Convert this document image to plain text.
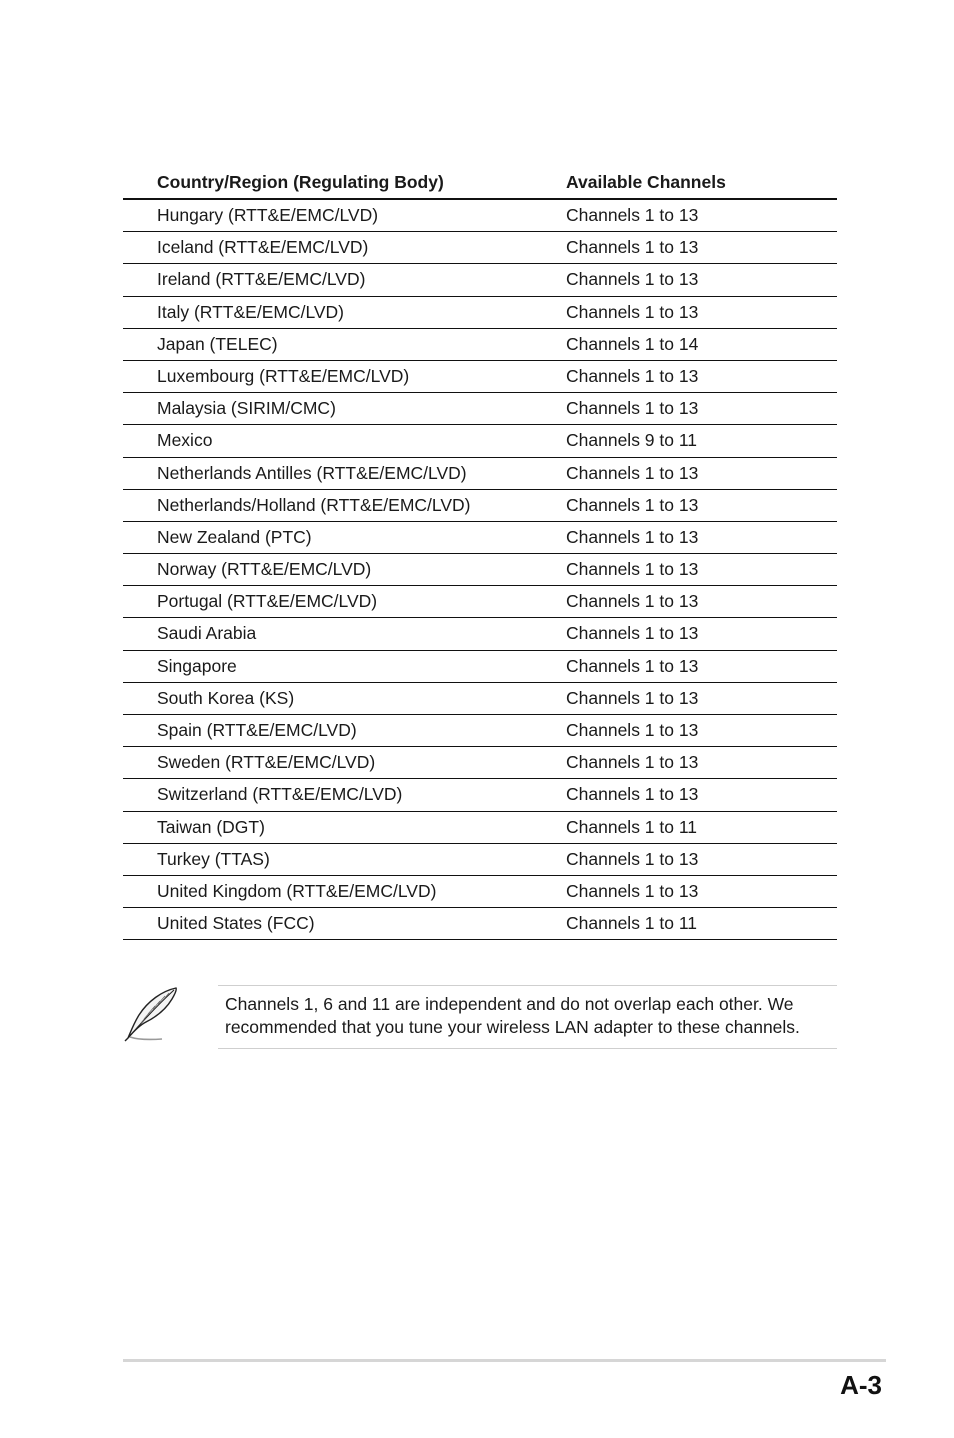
Country/Region (Regulating Body)	Available Channels
Hungary (RTT&E/EMC/LVD)	Channels 1 to 13
Iceland (RTT&E/EMC/LVD)	Channels 1 to 13
Ireland (RTT&E/EMC/LVD)	Channels 1 to 13
Italy (RTT&E/EMC/LVD)	Channels 1 to 13
Japan (TELEC)	Channels 1 to 14
Luxembourg (RTT&E/EMC/LVD)	Channels 1 to 13
Malaysia (SIRIM/CMC)	Channels 1 to 13
Mexico	Channels 9 to 11
Netherlands Antilles (RTT&E/EMC/LVD)	Channels 1 to 13
Netherlands/Holland (RTT&E/EMC/LVD)	Channels 1 to 13
New Zealand (PTC)	Channels 1 to 13
Norway (RTT&E/EMC/LVD)	Channels 1 to 13
Portugal (RTT&E/EMC/LVD)	Channels 1 to 13
Saudi Arabia	Channels 1 to 13
Singapore	Channels 1 to 13
South Korea (KS)	Channels 1 to 13
Spain (RTT&E/EMC/LVD)	Channels 1 to 13
Sweden (RTT&E/EMC/LVD)	Channels 1 to 13
Switzerland (RTT&E/EMC/LVD)	Channels 1 to 13
Taiwan (DGT)	Channels 1 to 11
Turkey (TTAS)	Channels 1 to 13
United Kingdom (RTT&E/EMC/LVD)	Channels 1 to 13
United States (FCC)	Channels 1 to 11
Channels 1, 6 and 11 are independent and do not overlap each other. We
recommended that you tune your wireless LAN adapter to these channels.
A-3
